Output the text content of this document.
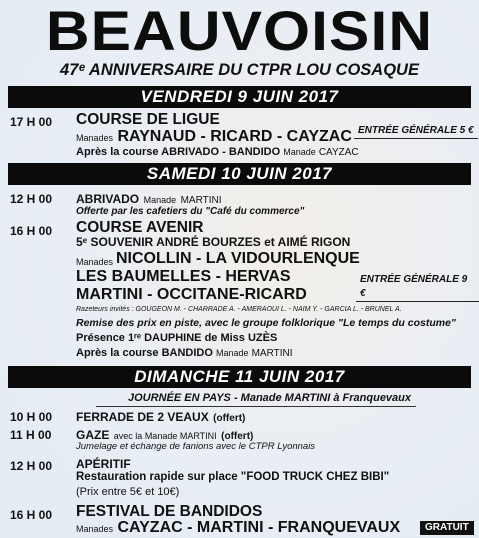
BEAUVOISIN
47ᵉ ANNIVERSAIRE DU CTPR LOU COSAQUE
VENDREDI 9 JUIN 2017
17 H 00 COURSE DE LIGUE
Manades RAYNAUD - RICARD - CAYZAC ENTRÉE GÉNÉRALE 5 €
Après la course ABRIVADO - BANDIDO Manade CAYZAC
SAMEDI 10 JUIN 2017
12 H 00 ABRIVADO Manade MARTINI
Offerte par les cafetiers du "Café du commerce"
16 H 00 COURSE AVENIR
5ᵉ SOUVENIR ANDRÉ BOURZES et AIMÉ RIGON
Manades NICOLLIN - LA VIDOURLENQUE
LES BAUMELLES - HERVAS
MARTINI - OCCITANE-RICARD
ENTRÉE GÉNÉRALE 9 €
Razeteurs invités : GOUGEON M. - CHARRADE A. - AMERAOUI L. - NAIM Y. - GARCIA L. - BRUNEL A.
Remise des prix en piste, avec le groupe folklorique "Le temps du costume"
Présence 1ʳᵉ DAUPHINE de Miss UZÈS
Après la course BANDIDO Manade MARTINI
DIMANCHE 11 JUIN 2017
JOURNÉE EN PAYS - Manade MARTINI à Franquevaux
10 H 00 FERRADE DE 2 VEAUX (offert)
11 H 00 GAZE avec la Manade MARTINI (offert)
Jumelage et échange de fanions avec le CTPR Lyonnais
12 H 00 APÉRITIF
Restauration rapide sur place "FOOD TRUCK CHEZ BIBI"
(Prix entre 5€ et 10€)
16 H 00 FESTIVAL DE BANDIDOS
Manades CAYZAC - MARTINI - FRANQUEVAUX	GRATUIT
